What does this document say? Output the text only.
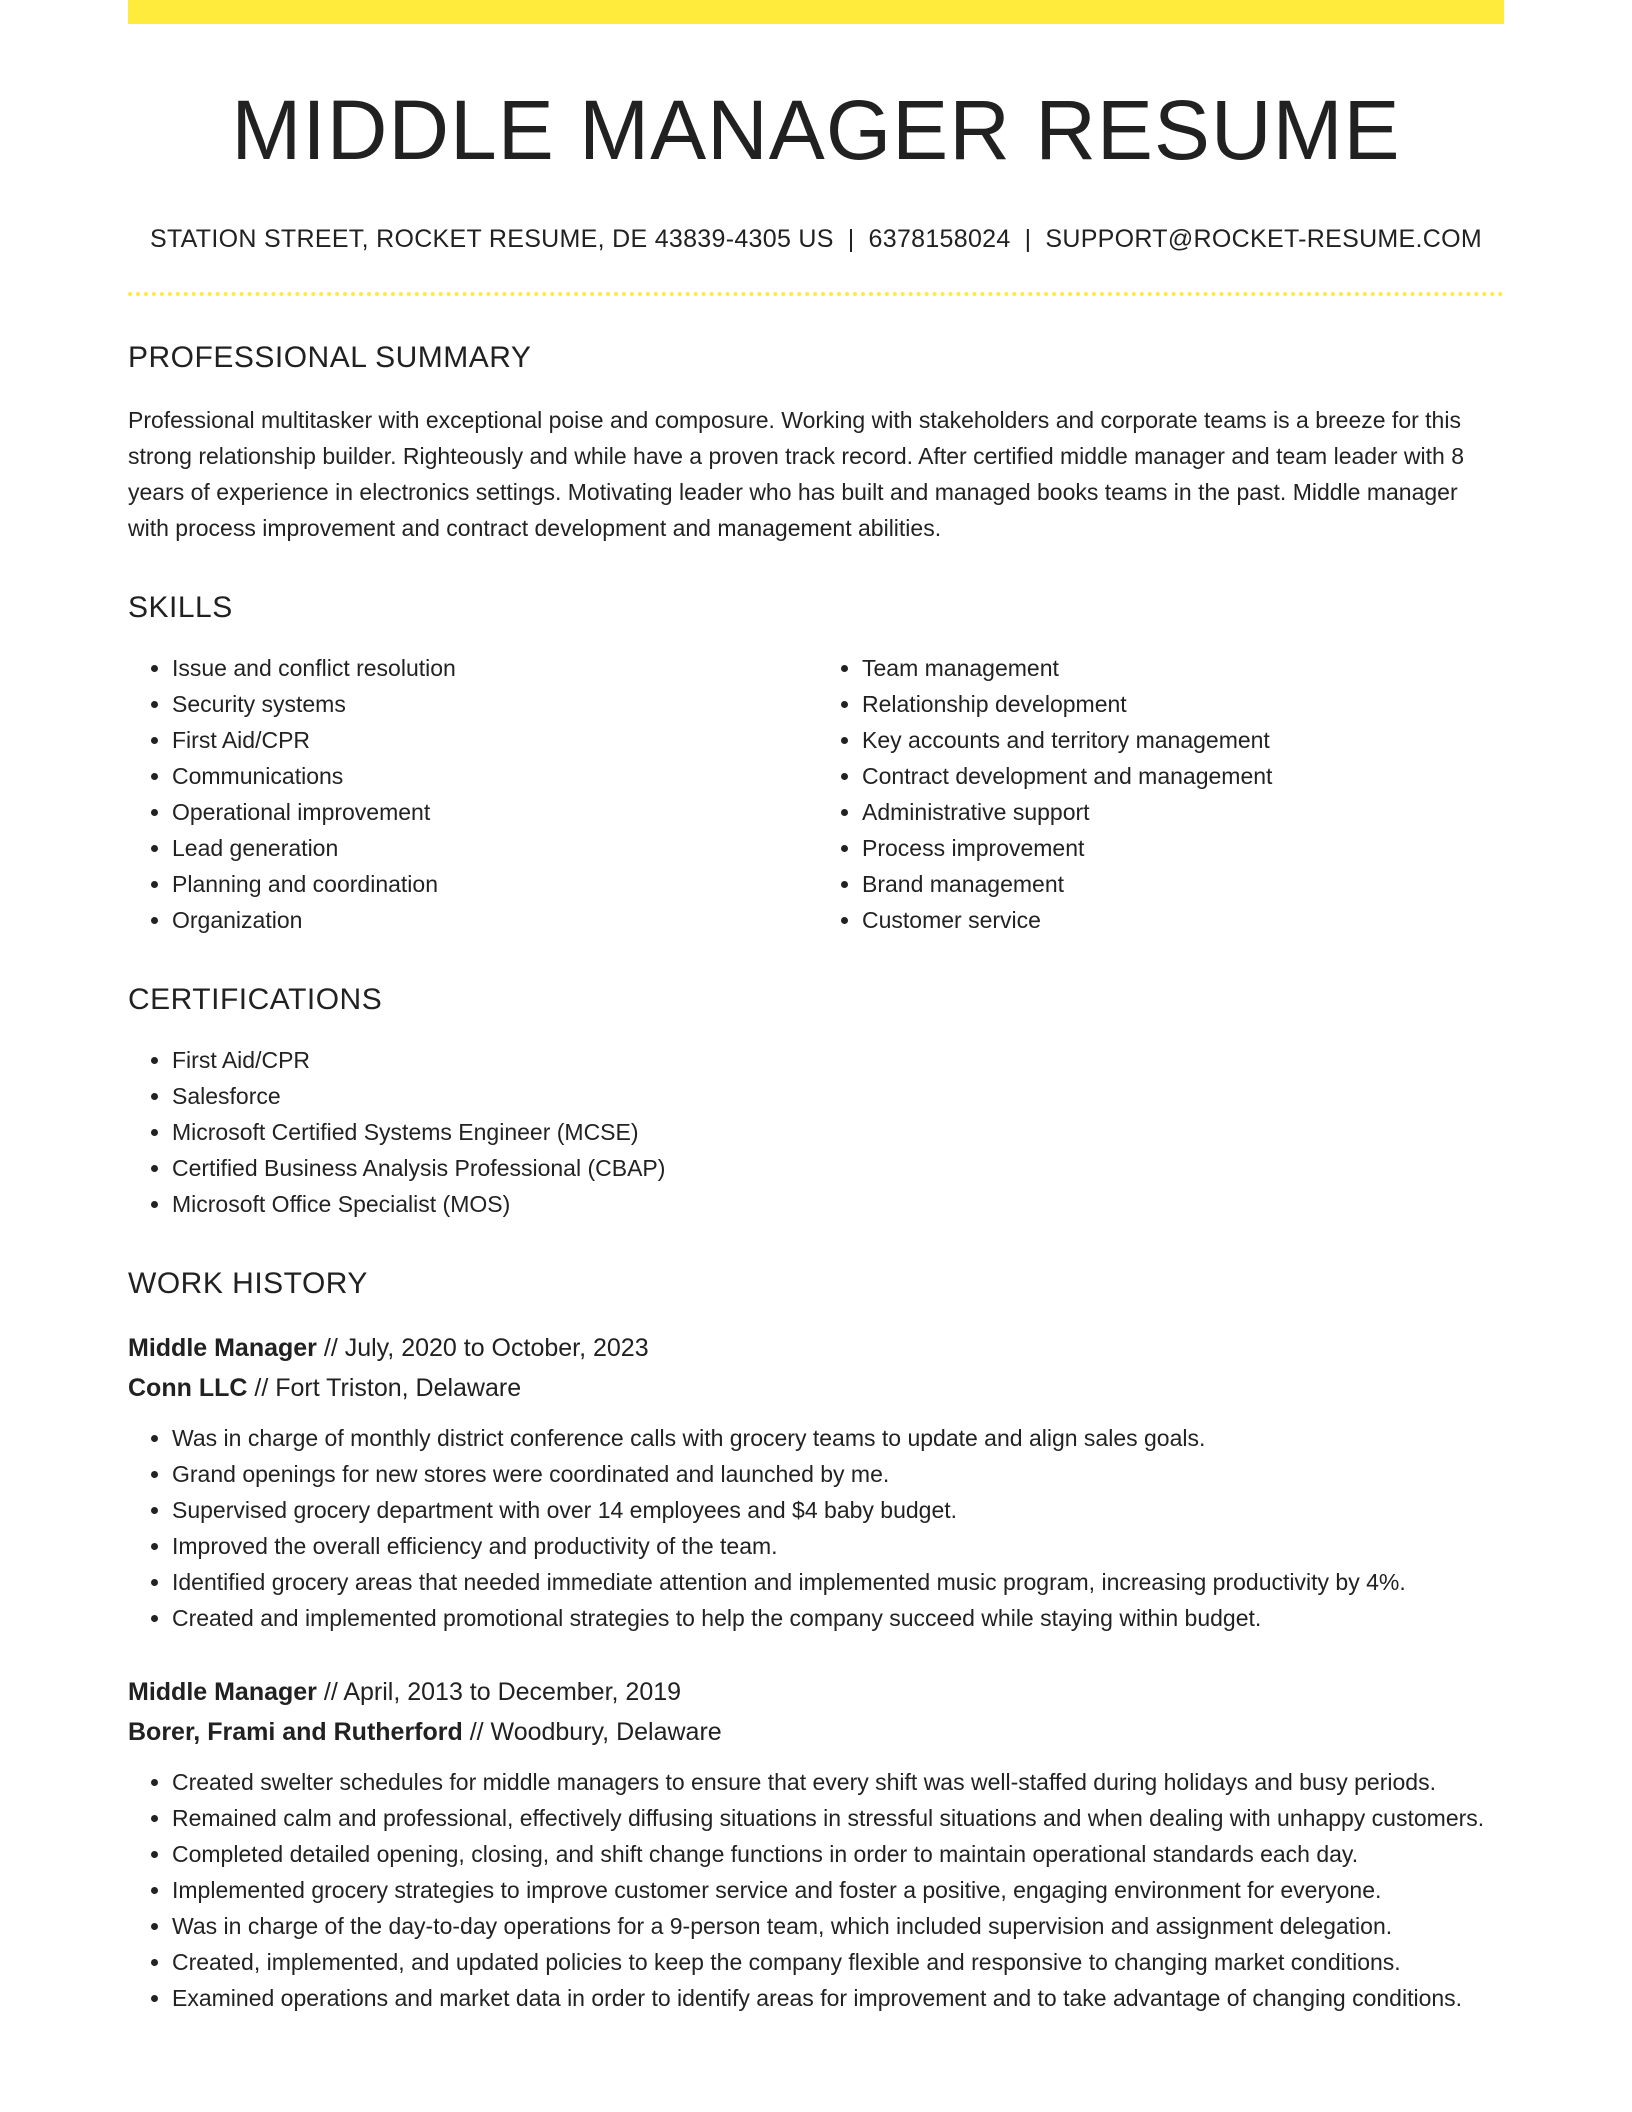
MIDDLE MANAGER RESUME
STATION STREET, ROCKET RESUME, DE 43839-4305 US | 6378158024 | SUPPORT@ROCKET-RESUME.COM
PROFESSIONAL SUMMARY

Professional multitasker with exceptional poise and composure. Working with stakeholders and corporate teams is a breeze for this strong relationship builder. Righteously and while have a proven track record. After certified middle manager and team leader with 8 years of experience in electronics settings. Motivating leader who has built and managed books teams in the past. Middle manager with process improvement and contract development and management abilities.

SKILLS
• Issue and conflict resolution
• Security systems
• First Aid/CPR
• Communications
• Operational improvement
• Lead generation
• Planning and coordination
• Organization
• Team management
• Relationship development
• Key accounts and territory management
• Contract development and management
• Administrative support
• Process improvement
• Brand management
• Customer service
CERTIFICATIONS
• First Aid/CPR
• Salesforce
• Microsoft Certified Systems Engineer (MCSE)
• Certified Business Analysis Professional (CBAP)
• Microsoft Office Specialist (MOS)
WORK HISTORY
Middle Manager // July, 2020 to October, 2023
Conn LLC // Fort Triston, Delaware
• Was in charge of monthly district conference calls with grocery teams to update and align sales goals.
• Grand openings for new stores were coordinated and launched by me.
• Supervised grocery department with over 14 employees and $4 baby budget.
• Improved the overall efficiency and productivity of the team.
• Identified grocery areas that needed immediate attention and implemented music program, increasing productivity by 4%.
• Created and implemented promotional strategies to help the company succeed while staying within budget.
Middle Manager // April, 2013 to December, 2019
Borer, Frami and Rutherford // Woodbury, Delaware
• Created swelter schedules for middle managers to ensure that every shift was well-staffed during holidays and busy periods.
• Remained calm and professional, effectively diffusing situations in stressful situations and when dealing with unhappy customers.
• Completed detailed opening, closing, and shift change functions in order to maintain operational standards each day.
• Implemented grocery strategies to improve customer service and foster a positive, engaging environment for everyone.
• Was in charge of the day-to-day operations for a 9-person team, which included supervision and assignment delegation.
• Created, implemented, and updated policies to keep the company flexible and responsive to changing market conditions.
• Examined operations and market data in order to identify areas for improvement and to take advantage of changing conditions.
